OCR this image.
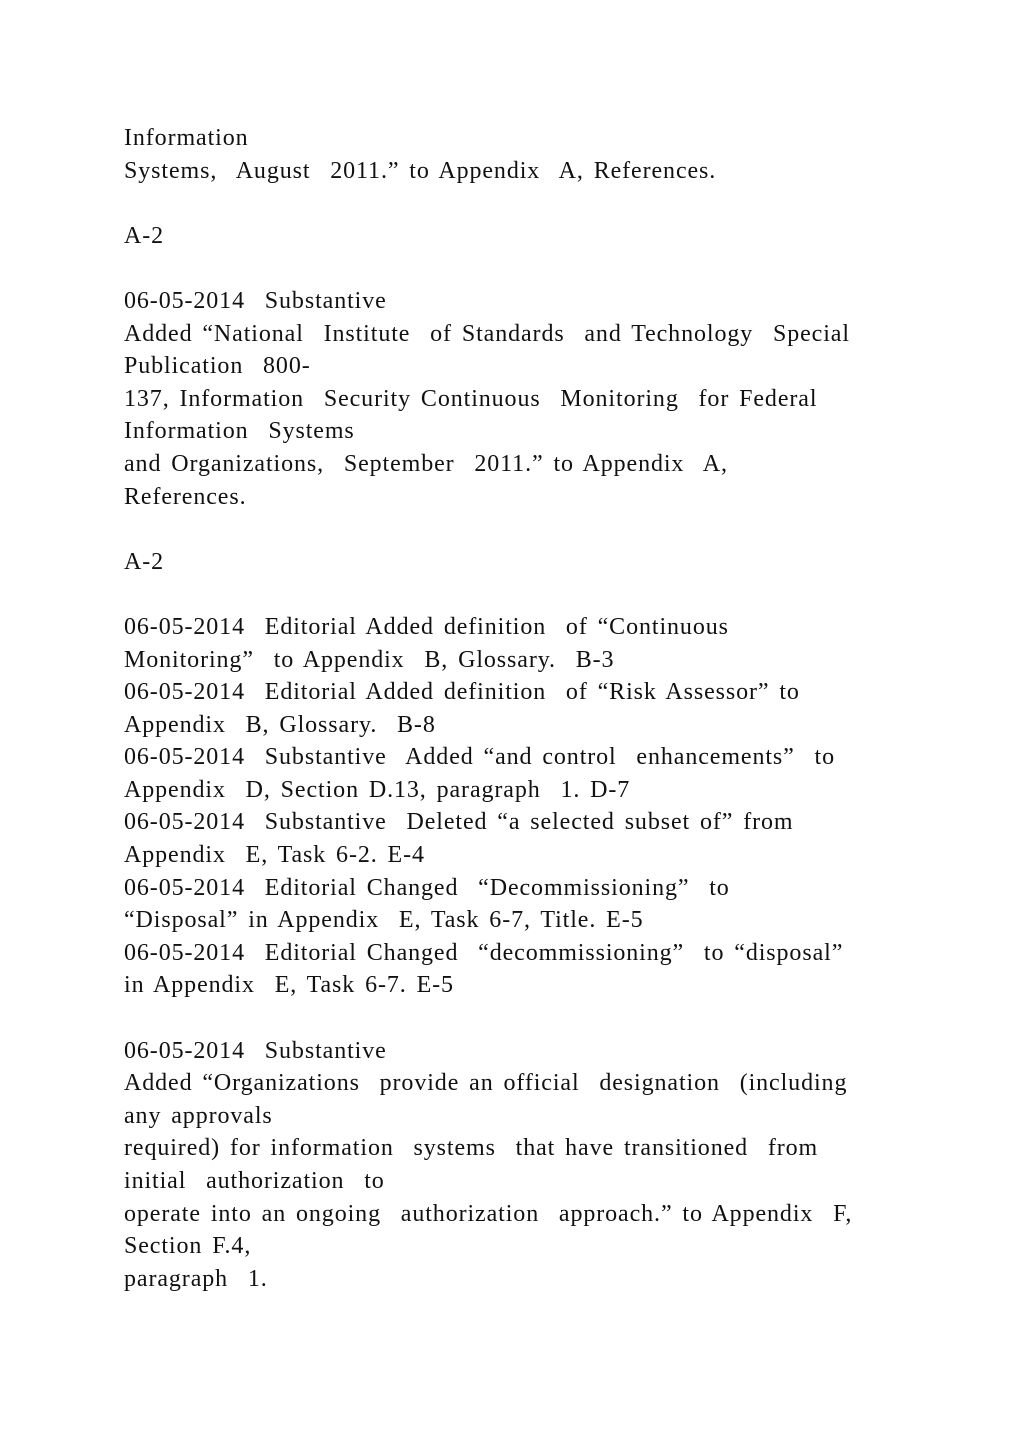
Information
Systems,  August  2011.” to Appendix  A, References.
A-2
06-05-2014  Substantive
Added “National  Institute  of Standards  and Technology  Special
Publication  800-
137, Information  Security Continuous  Monitoring  for Federal
Information  Systems
and Organizations,  September  2011.” to Appendix  A,
References.
A-2
06-05-2014  Editorial Added definition  of “Continuous
Monitoring”  to Appendix  B, Glossary.  B-3
06-05-2014  Editorial Added definition  of “Risk Assessor” to
Appendix  B, Glossary.  B-8
06-05-2014  Substantive  Added “and control  enhancements”  to
Appendix  D, Section D.13, paragraph  1. D-7
06-05-2014  Substantive  Deleted “a selected subset of” from
Appendix  E, Task 6-2. E-4
06-05-2014  Editorial Changed  “Decommissioning”  to
“Disposal” in Appendix  E, Task 6-7, Title. E-5
06-05-2014  Editorial Changed  “decommissioning”  to “disposal”
in Appendix  E, Task 6-7. E-5
06-05-2014  Substantive
Added “Organizations  provide an official  designation  (including
any approvals
required) for information  systems  that have transitioned  from
initial  authorization  to
operate into an ongoing  authorization  approach.” to Appendix  F,
Section F.4,
paragraph  1.
